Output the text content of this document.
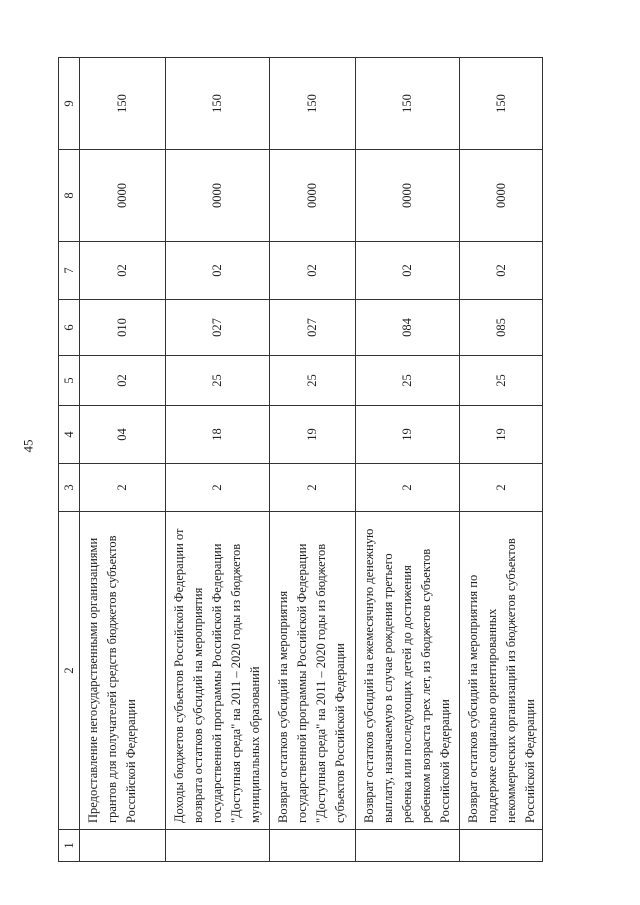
45
1	2	3	4	5	6	7	8	9
	Предоставление негосударственными организациями грантов для получателей средств бюджетов субъектов Российской Федерации	2	04	02	010	02	0000	150
	Доходы бюджетов субъектов Российской Федерации от возврата остатков субсидий на мероприятия государственной программы Российской Федерации "Доступная среда" на 2011 – 2020 годы из бюджетов муниципальных образований	2	18	25	027	02	0000	150
	Возврат остатков субсидий на мероприятия государственной программы Российской Федерации "Доступная среда" на 2011 – 2020 годы из бюджетов субъектов Российской Федерации	2	19	25	027	02	0000	150
	Возврат остатков субсидий на ежемесячную денежную выплату, назначаемую в случае рождения третьего ребенка или последующих детей до достижения ребенком возраста трех лет, из бюджетов субъектов Российской Федерации	2	19	25	084	02	0000	150
	Возврат остатков субсидий на мероприятия по поддержке социально ориентированных некоммерческих организаций из бюджетов субъектов Российской Федерации	2	19	25	085	02	0000	150
